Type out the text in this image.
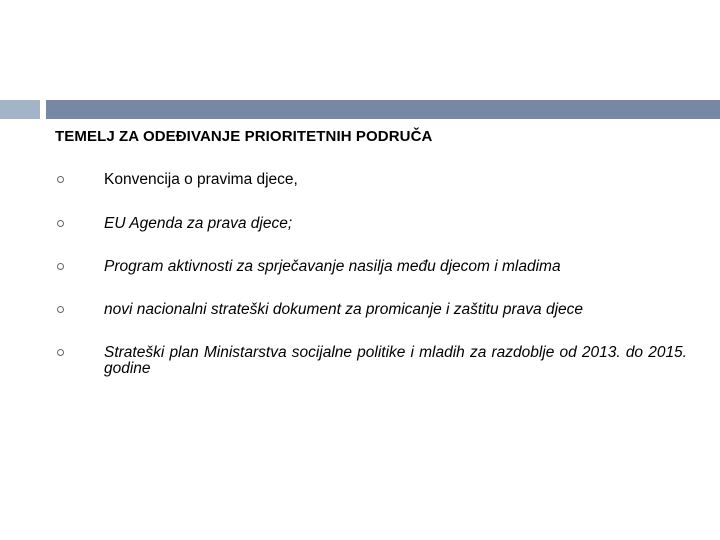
TEMELJ ZA ODEĐIVANJE PRIORITETNIH PODRUČA
Konvencija o pravima djece,
EU Agenda za prava djece;
Program aktivnosti za sprječavanje nasilja među djecom i mladima
novi nacionalni strateški dokument za promicanje i zaštitu prava djece
Strateški plan Ministarstva socijalne politike i mladih za razdoblje od 2013. do 2015. godine
